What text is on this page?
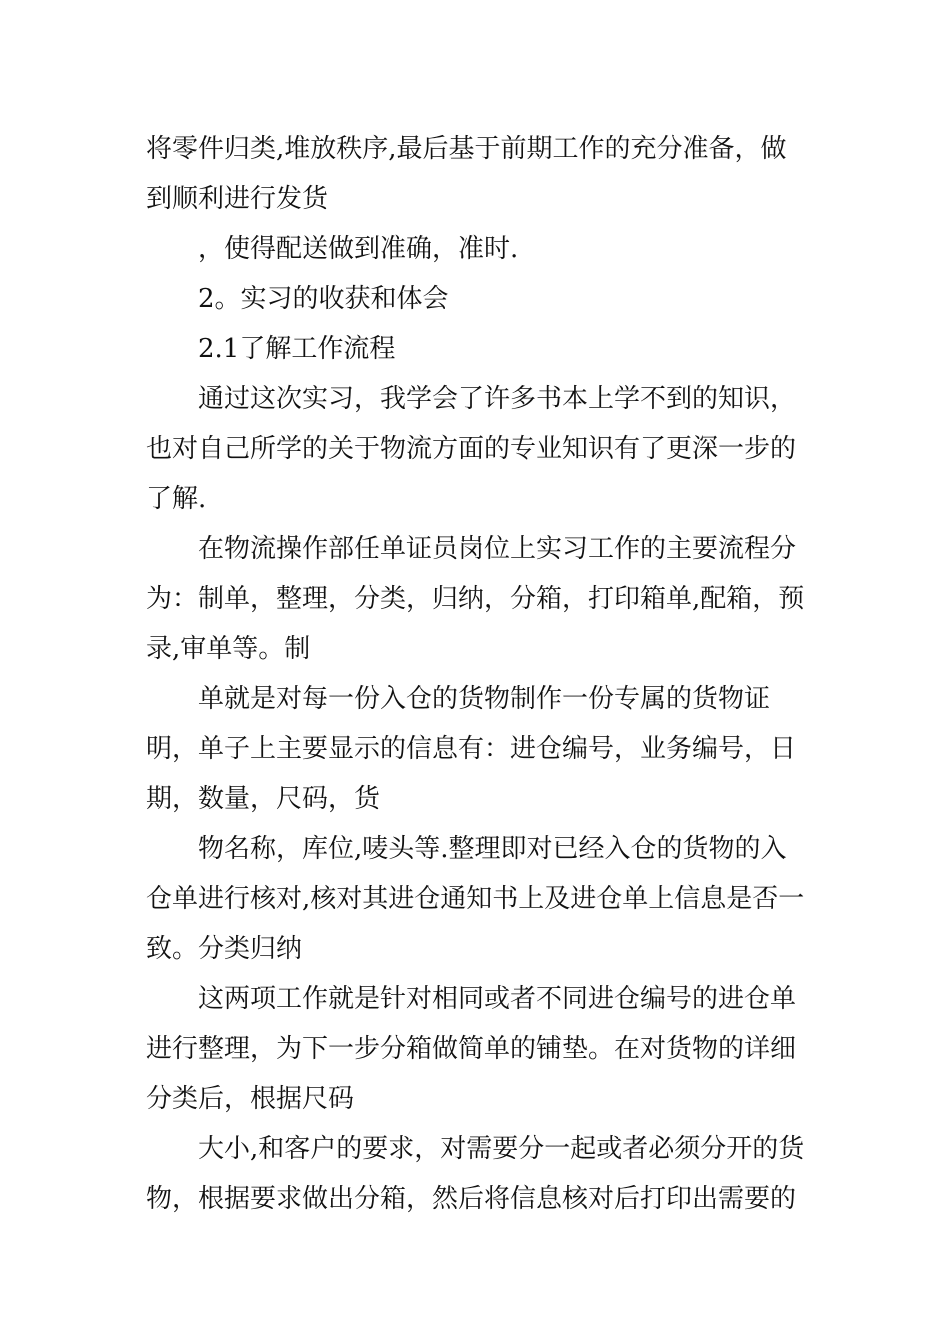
将零件归类,堆放秩序,最后基于前期工作的充分准备，做到顺利进行发货

，使得配送做到准确，准时.

2。实习的收获和体会

2.1了解工作流程

通过这次实习，我学会了许多书本上学不到的知识，也对自己所学的关于物流方面的专业知识有了更深一步的了解.

在物流操作部任单证员岗位上实习工作的主要流程分为：制单，整理，分类，归纳，分箱，打印箱单,配箱，预录,审单等。制

单就是对每一份入仓的货物制作一份专属的货物证明，单子上主要显示的信息有：进仓编号，业务编号，日期，数量，尺码，货

物名称，库位,唛头等.整理即对已经入仓的货物的入仓单进行核对,核对其进仓通知书上及进仓单上信息是否一致。分类归纳

这两项工作就是针对相同或者不同进仓编号的进仓单进行整理，为下一步分箱做简单的铺垫。在对货物的详细分类后，根据尺码

大小,和客户的要求，对需要分一起或者必须分开的货物，根据要求做出分箱，然后将信息核对后打印出需要的
